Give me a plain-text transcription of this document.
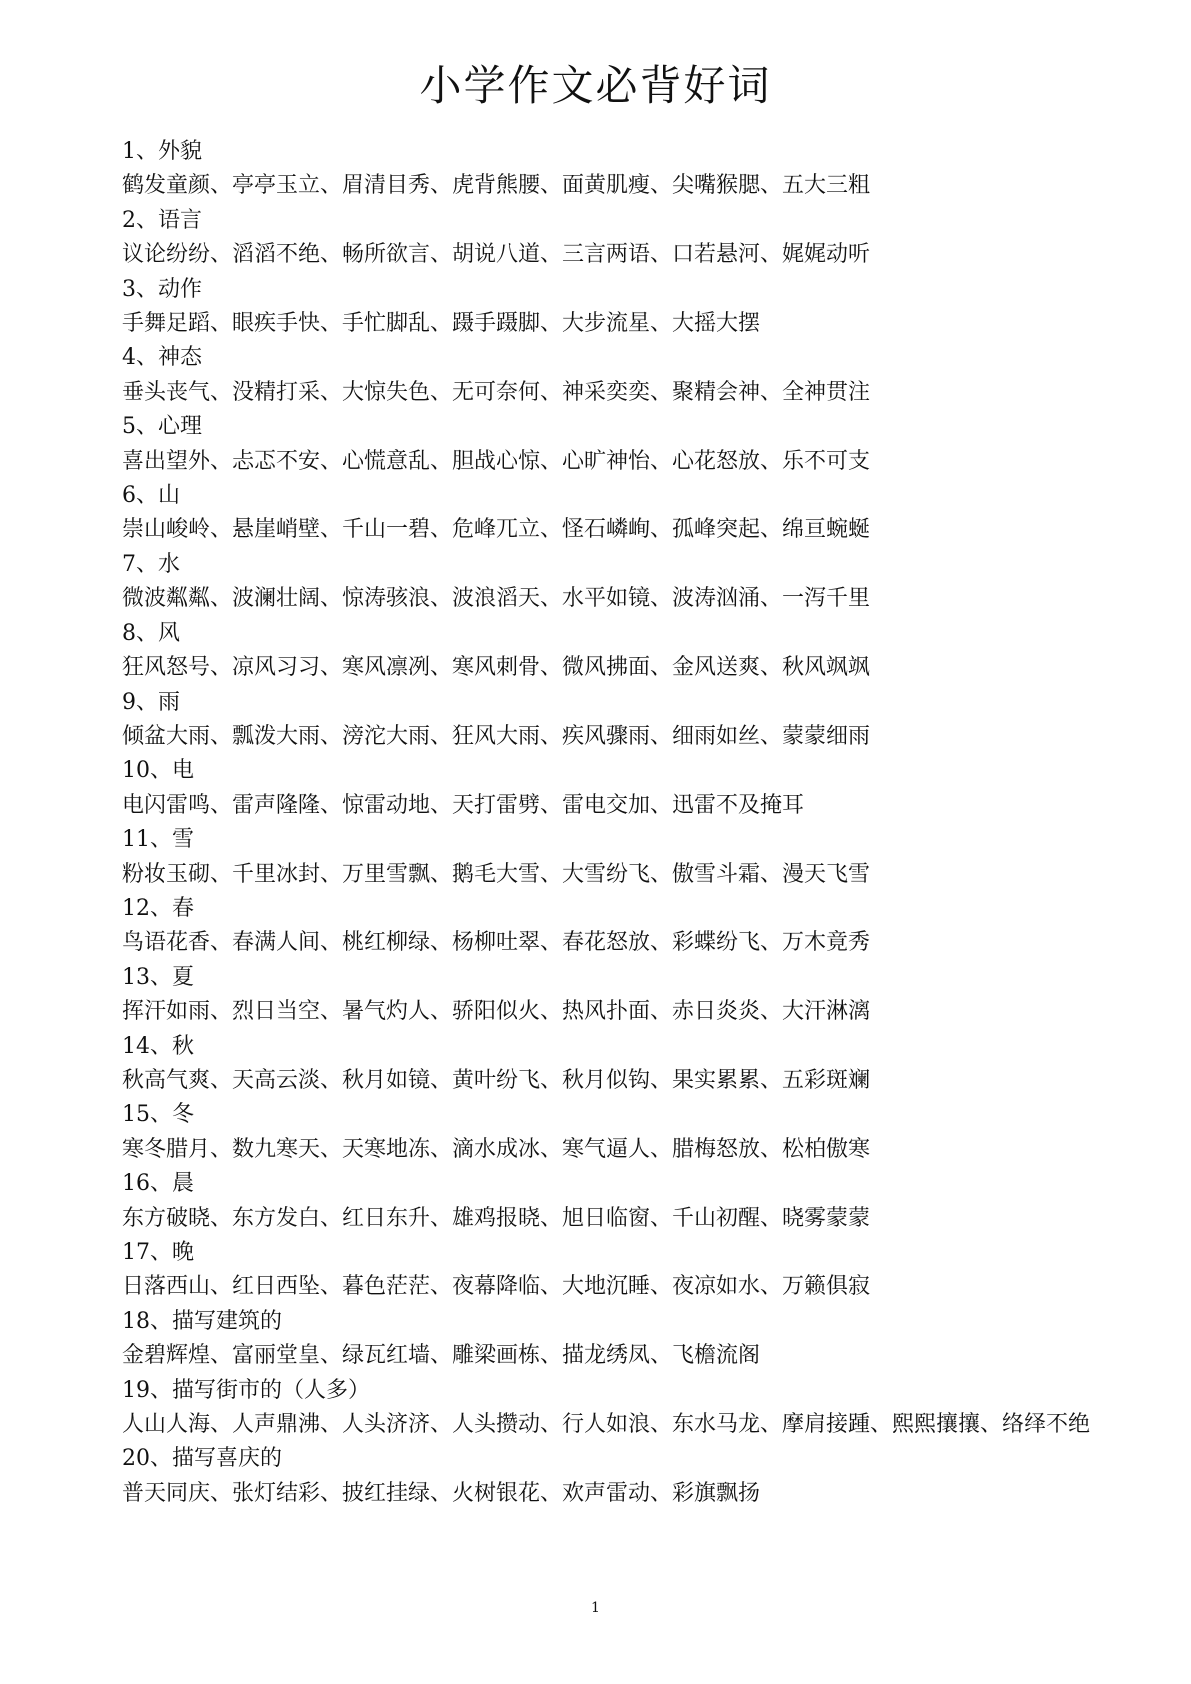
小学作文必背好词

1、外貌

鹤发童颜、亭亭玉立、眉清目秀、虎背熊腰、面黄肌瘦、尖嘴猴腮、五大三粗

2、语言

议论纷纷、滔滔不绝、畅所欲言、胡说八道、三言两语、口若悬河、娓娓动听

3、动作

手舞足蹈、眼疾手快、手忙脚乱、蹑手蹑脚、大步流星、大摇大摆

4、神态

垂头丧气、没精打采、大惊失色、无可奈何、神采奕奕、聚精会神、全神贯注

5、心理

喜出望外、忐忑不安、心慌意乱、胆战心惊、心旷神怡、心花怒放、乐不可支

6、山

崇山峻岭、悬崖峭壁、千山一碧、危峰兀立、怪石嶙峋、孤峰突起、绵亘蜿蜒

7、水

微波粼粼、波澜壮阔、惊涛骇浪、波浪滔天、水平如镜、波涛汹涌、一泻千里

8、风

狂风怒号、凉风习习、寒风凛冽、寒风刺骨、微风拂面、金风送爽、秋风飒飒

9、雨

倾盆大雨、瓢泼大雨、滂沱大雨、狂风大雨、疾风骤雨、细雨如丝、蒙蒙细雨

10、电

电闪雷鸣、雷声隆隆、惊雷动地、天打雷劈、雷电交加、迅雷不及掩耳

11、雪

粉妆玉砌、千里冰封、万里雪飘、鹅毛大雪、大雪纷飞、傲雪斗霜、漫天飞雪

12、春

鸟语花香、春满人间、桃红柳绿、杨柳吐翠、春花怒放、彩蝶纷飞、万木竟秀

13、夏

挥汗如雨、烈日当空、暑气灼人、骄阳似火、热风扑面、赤日炎炎、大汗淋漓

14、秋

秋高气爽、天高云淡、秋月如镜、黄叶纷飞、秋月似钩、果实累累、五彩斑斓

15、冬

寒冬腊月、数九寒天、天寒地冻、滴水成冰、寒气逼人、腊梅怒放、松柏傲寒

16、晨

东方破晓、东方发白、红日东升、雄鸡报晓、旭日临窗、千山初醒、晓雾蒙蒙

17、晚

日落西山、红日西坠、暮色茫茫、夜幕降临、大地沉睡、夜凉如水、万籁俱寂

18、描写建筑的

金碧辉煌、富丽堂皇、绿瓦红墙、雕梁画栋、描龙绣凤、飞檐流阁

19、描写街市的（人多）

人山人海、人声鼎沸、人头济济、人头攒动、行人如浪、东水马龙、摩肩接踵、熙熙攘攘、络绎不绝

20、描写喜庆的

普天同庆、张灯结彩、披红挂绿、火树银花、欢声雷动、彩旗飘扬

1
